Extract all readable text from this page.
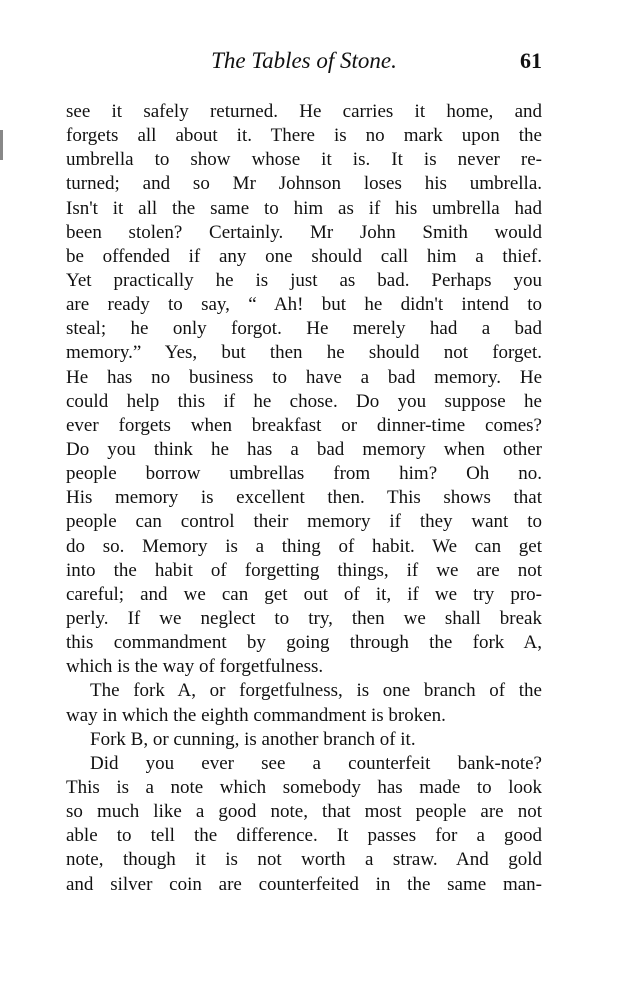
The Tables of Stone.	61
see it safely returned. He carries it home, and
forgets all about it. There is no mark upon the
umbrella to show whose it is. It is never re-
turned; and so Mr Johnson loses his umbrella.
Isn't it all the same to him as if his umbrella had
been stolen? Certainly. Mr John Smith would
be offended if any one should call him a thief.
Yet practically he is just as bad. Perhaps you
are ready to say, “ Ah! but he didn't intend to
steal; he only forgot. He merely had a bad
memory.” Yes, but then he should not forget.
He has no business to have a bad memory. He
could help this if he chose. Do you suppose he
ever forgets when breakfast or dinner-time comes?
Do you think he has a bad memory when other
people borrow umbrellas from him? Oh no.
His memory is excellent then. This shows that
people can control their memory if they want to
do so. Memory is a thing of habit. We can get
into the habit of forgetting things, if we are not
careful; and we can get out of it, if we try pro-
perly. If we neglect to try, then we shall break
this commandment by going through the fork A,
which is the way of forgetfulness.
The fork A, or forgetfulness, is one branch of the
way in which the eighth commandment is broken.
Fork B, or cunning, is another branch of it.
Did you ever see a counterfeit bank-note?
This is a note which somebody has made to look
so much like a good note, that most people are not
able to tell the difference. It passes for a good
note, though it is not worth a straw. And gold
and silver coin are counterfeited in the same man-
